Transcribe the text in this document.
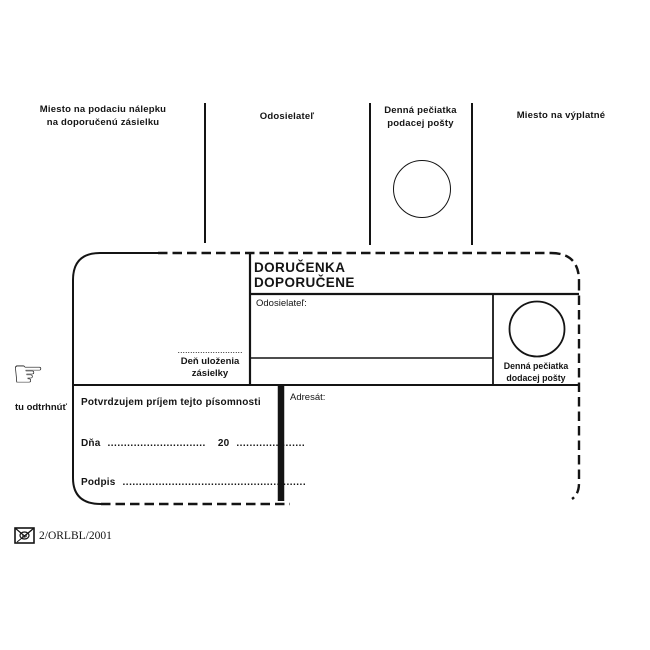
Miesto na podaciu nálepku
na doporučenú zásielku	Odosielateľ
Denná pečiatka
podacej pošty
Miesto na výplatné
DORUČENKA
DOPORUČENE
Odosielateľ:
..........................
Deň uloženia
zásielky
Denná pečiatka
dodacej pošty
Adresát:
Potvrdzujem príjem tejto písomnosti
Dňa .............................. 20 .....................
Podpis ........................................................
☞
tu odtrhnúť
2/ORLBL/2001
